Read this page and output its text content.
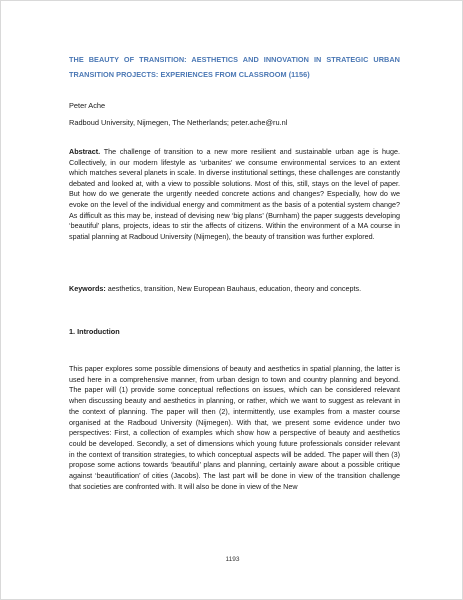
THE BEAUTY OF TRANSITION: AESTHETICS AND INNOVATION IN STRATEGIC URBAN TRANSITION PROJECTS: EXPERIENCES FROM CLASSROOM (1156)
Peter Ache
Radboud University, Nijmegen, The Netherlands; peter.ache@ru.nl

Abstract. The challenge of transition to a new more resilient and sustainable urban age is huge. Collectively, in our modern lifestyle as ‘urbanites’ we consume environmental services to an extent which matches several planets in scale. In diverse institutional settings, these challenges are constantly debated and looked at, with a view to possible solutions. Most of this, still, stays on the level of paper. But how do we generate the urgently needed concrete actions and changes? Especially, how do we evoke on the level of the individual energy and commitment as the basis of a potential system change? As difficult as this may be, instead of devising new ‘big plans’ (Burnham) the paper suggests developing ‘beautiful’ plans, projects, ideas to stir the affects of citizens. Within the environment of a MA course in spatial planning at Radboud University (Nijmegen), the beauty of transition was further explored.

Keywords: aesthetics, transition, New European Bauhaus, education, theory and concepts.

1. Introduction

This paper explores some possible dimensions of beauty and aesthetics in spatial planning, the latter is used here in a comprehensive manner, from urban design to town and country planning and beyond. The paper will (1) provide some conceptual reflections on issues, which can be considered relevant when discussing beauty and aesthetics in planning, or rather, which we want to suggest as relevant in the context of planning. The paper will then (2), intermittently, use examples from a master course organised at the Radboud University (Nijmegen). With that, we present some evidence under two perspectives: First, a collection of examples which show how a perspective of beauty and aesthetics could be developed. Secondly, a set of dimensions which young future professionals consider relevant in the context of transition strategies, to which conceptual aspects will be added. The paper will then (3) propose some actions towards ‘beautiful’ plans and planning, certainly aware about a possible critique against ‘beautification’ of cities (Jacobs). The last part will be done in view of the transition challenge that societies are confronted with. It will also be done in view of the New

1193
